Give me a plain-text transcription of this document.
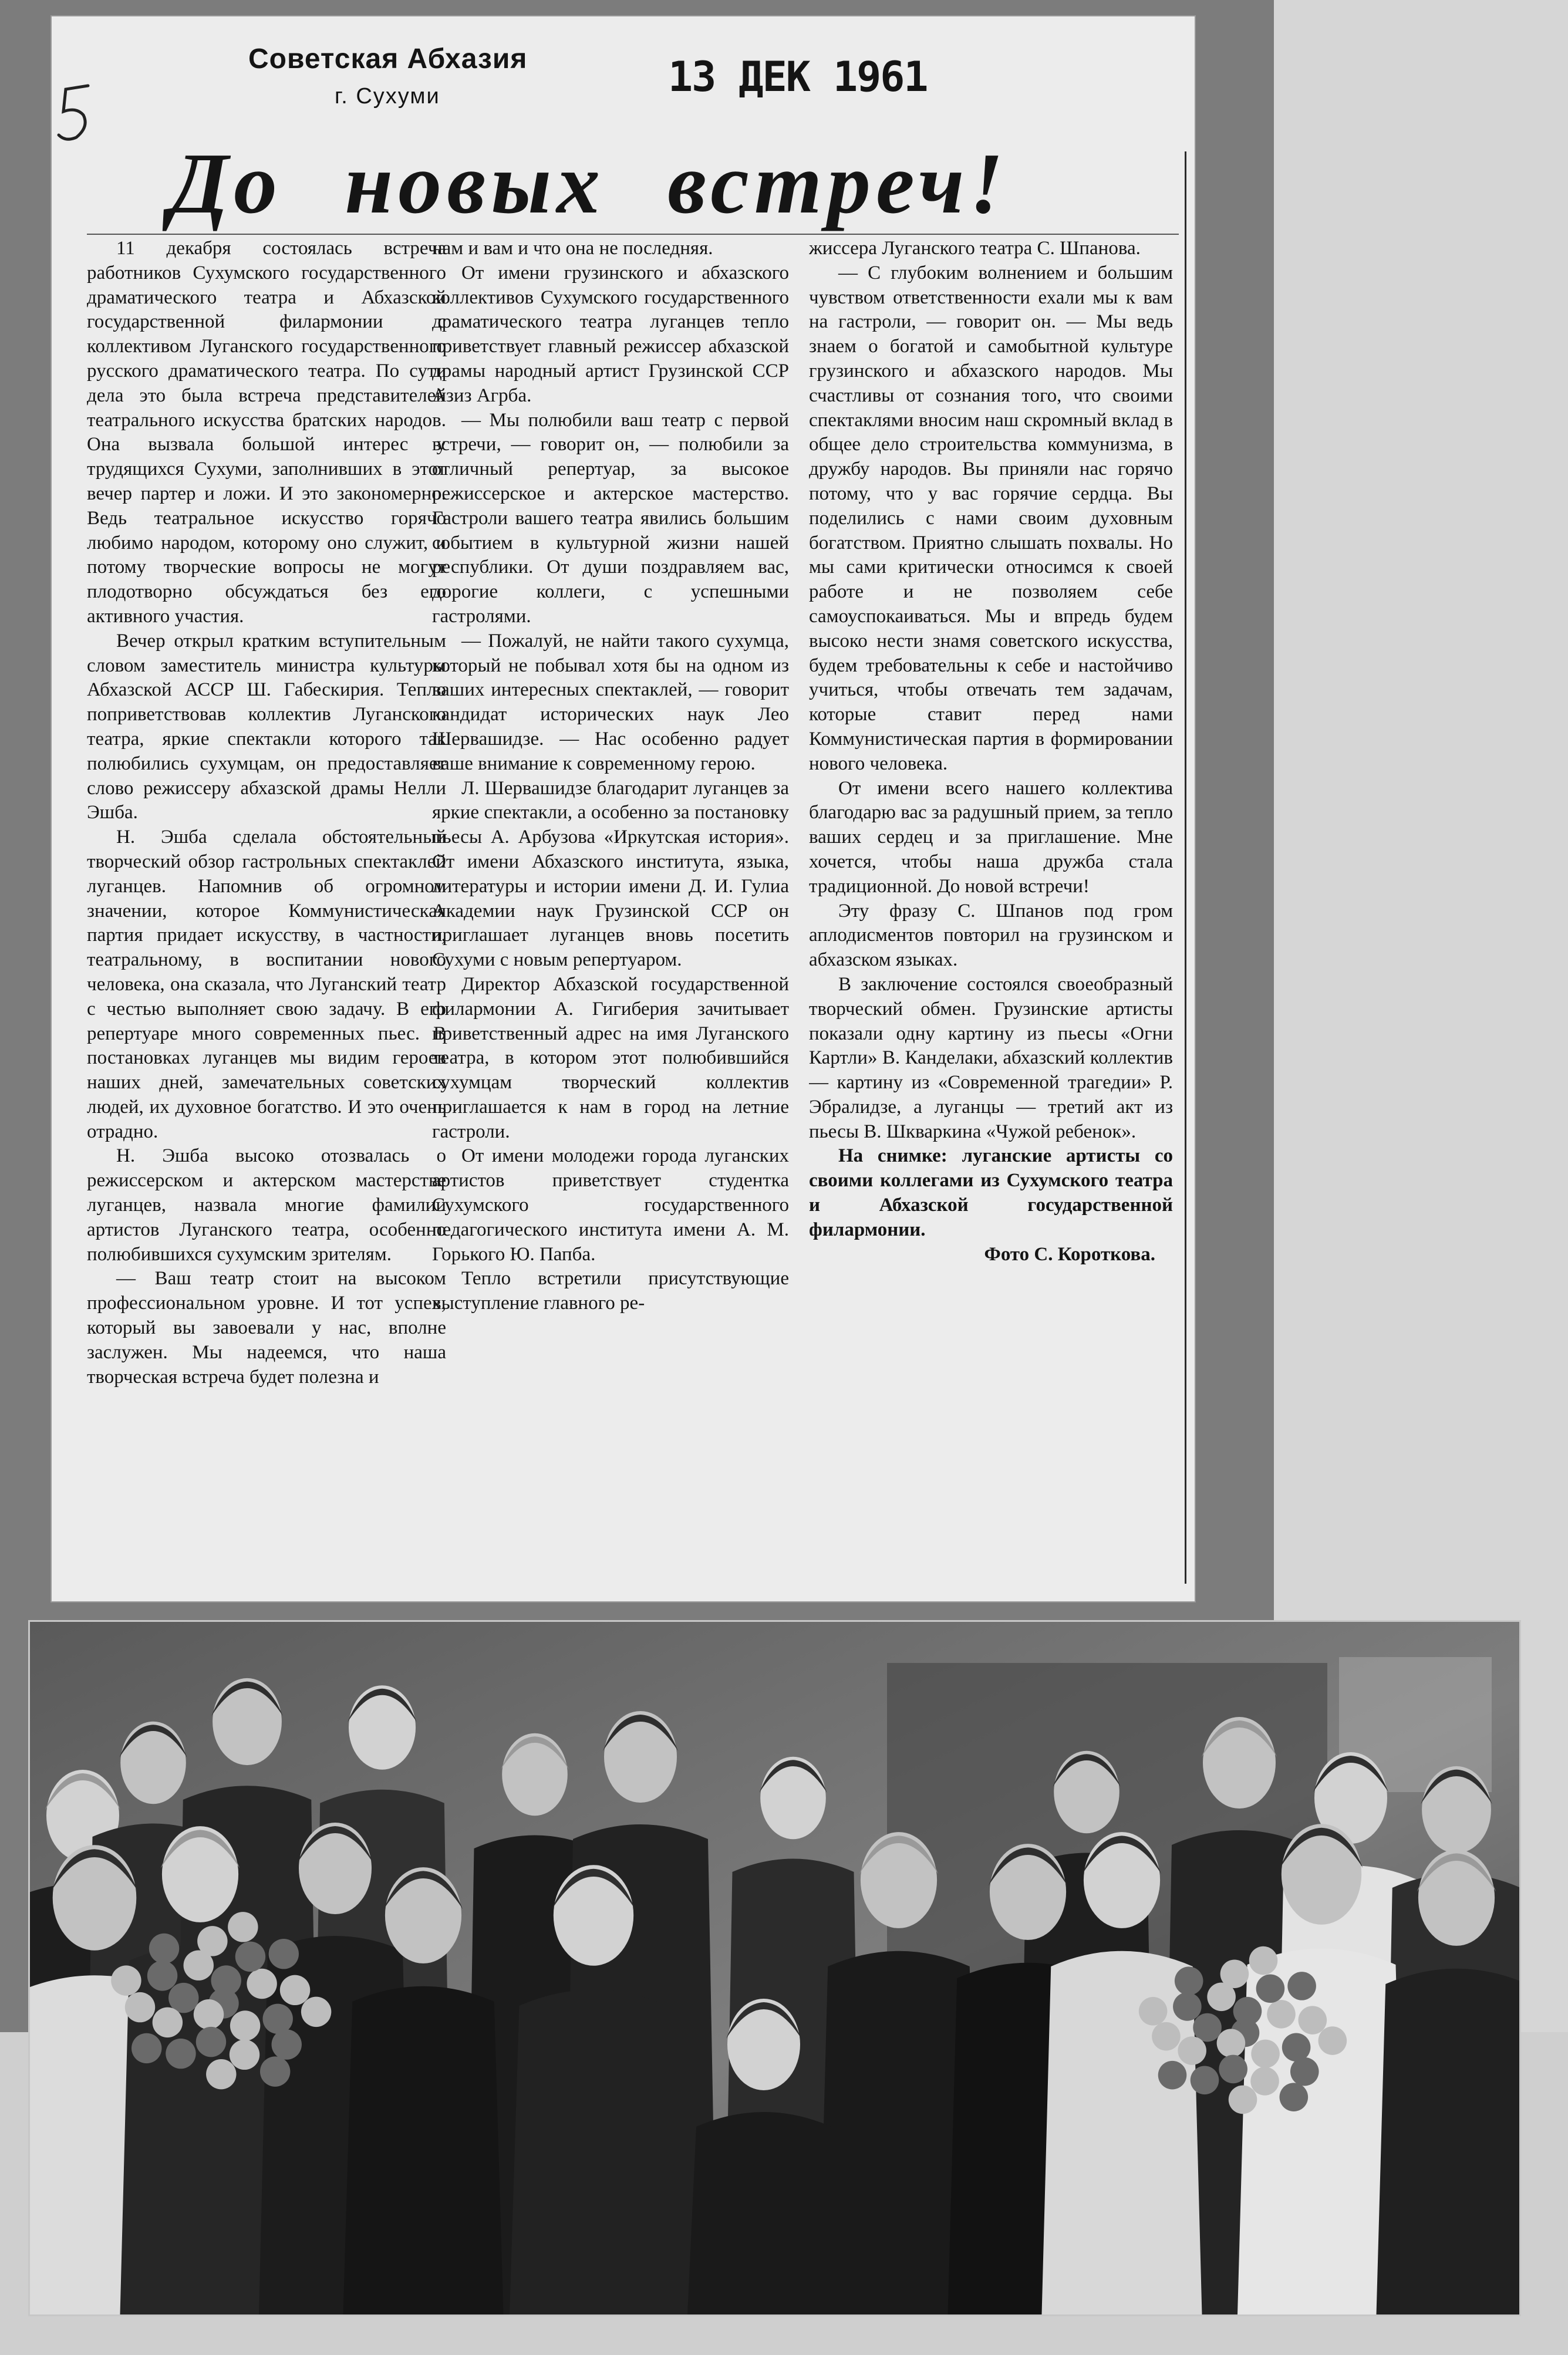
Советская Абхазия
г. Сухуми	13 ДЕК 1961
До новых встреч!

11 декабря состоялась встреча работников Сухумского государственного драматического театра и Абхазской государственной филармонии с коллективом Луганского государственного русского драматического театра. По сути дела это была встреча представителей театрального искусства братских народов. Она вызвала большой интерес у трудящихся Сухуми, заполнивших в этот вечер партер и ложи. И это закономерно. Ведь театральное искусство горячо любимо народом, которому оно служит, и потому творческие вопросы не могут плодотворно обсуждаться без его активного участия.

Вечер открыл кратким вступительным словом заместитель министра культуры Абхазской АССР Ш. Габескирия. Тепло поприветствовав коллектив Луганского театра, яркие спектакли которого так полюбились сухумцам, он предоставляет слово режиссеру абхазской драмы Нелли Эшба.

Н. Эшба сделала обстоятельный творческий обзор гастрольных спектаклей луганцев. Напомнив об огромном значении, которое Коммунистическая партия придает искусству, в частности, театральному, в воспитании нового человека, она сказала, что Луганский театр с честью выполняет свою задачу. В его репертуаре много современных пьес. В постановках луганцев мы видим героев наших дней, замечательных советских людей, их духовное богатство. И это очень отрадно.

Н. Эшба высоко отозвалась о режиссерском и актерском мастерстве луганцев, назвала многие фамилии артистов Луганского театра, особенно полюбившихся сухумским зрителям.

— Ваш театр стоит на высоком профессиональном уровне. И тот успех, который вы завоевали у нас, вполне заслужен. Мы надеемся, что наша творческая встреча будет полезна и

нам и вам и что она не последняя.

От имени грузинского и абхазского коллективов Сухумского государственного драматического театра луганцев тепло приветствует главный режиссер абхазской драмы народный артист Грузинской ССР Азиз Агрба.

— Мы полюбили ваш театр с первой встречи, — говорит он, — полюбили за отличный репертуар, за высокое режиссерское и актерское мастерство. Гастроли вашего театра явились большим событием в культурной жизни нашей республики. От души поздравляем вас, дорогие коллеги, с успешными гастролями.

— Пожалуй, не найти такого сухумца, который не побывал хотя бы на одном из ваших интересных спектаклей, — говорит кандидат исторических наук Лео Шервашидзе. — Нас особенно радует ваше внимание к современному герою.

Л. Шервашидзе благодарит луганцев за яркие спектакли, а особенно за постановку пьесы А. Арбузова «Иркутская история». От имени Абхазского института, языка, литературы и истории имени Д. И. Гулиа Академии наук Грузинской ССР он приглашает луганцев вновь посетить Сухуми с новым репертуаром.

Директор Абхазской государственной филармонии А. Гигиберия зачитывает приветственный адрес на имя Луганского театра, в котором этот полюбившийся сухумцам творческий коллектив приглашается к нам в город на летние гастроли.

От имени молодежи города луганских артистов приветствует студентка Сухумского государственного педагогического института имени А. М. Горького Ю. Папба.

Тепло встретили присутствующие выступление главного ре-

жиссера Луганского театра С. Шпанова.

— С глубоким волнением и большим чувством ответственности ехали мы к вам на гастроли, — говорит он. — Мы ведь знаем о богатой и самобытной культуре грузинского и абхазского народов. Мы счастливы от сознания того, что своими спектаклями вносим наш скромный вклад в общее дело строительства коммунизма, в дружбу народов. Вы приняли нас горячо потому, что у вас горячие сердца. Вы поделились с нами своим духовным богатством. Приятно слышать похвалы. Но мы сами критически относимся к своей работе и не позволяем себе самоуспокаиваться. Мы и впредь будем высоко нести знамя советского искусства, будем требовательны к себе и настойчиво учиться, чтобы отвечать тем задачам, которые ставит перед нами Коммунистическая партия в формировании нового человека.

От имени всего нашего коллектива благодарю вас за радушный прием, за тепло ваших сердец и за приглашение. Мне хочется, чтобы наша дружба стала традиционной. До новой встречи!

Эту фразу С. Шпанов под гром аплодисментов повторил на грузинском и абхазском языках.

В заключение состоялся своеобразный творческий обмен. Грузинские артисты показали одну картину из пьесы «Огни Картли» В. Канделаки, абхазский коллектив — картину из «Современной трагедии» Р. Эбралидзе, а луганцы — третий акт из пьесы В. Шкваркина «Чужой ребенок».

На снимке: луганские артисты со своими коллегами из Сухумского театра и Абхазской государственной филармонии.

Фото С. Короткова.
